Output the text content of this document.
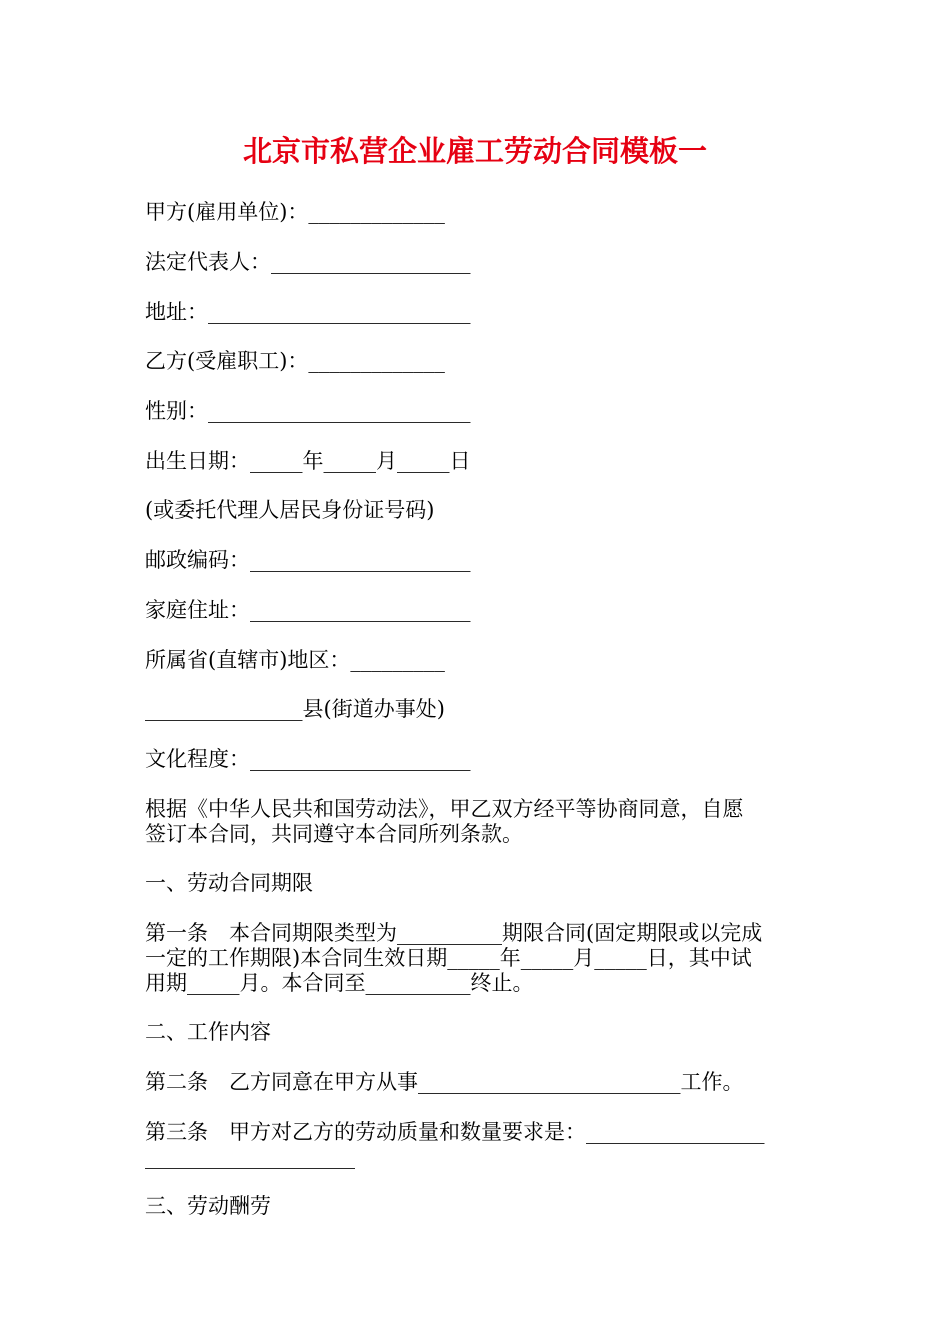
北京市私营企业雇工劳动合同模板一
甲方(雇用单位)：_____________
法定代表人：___________________
地址：_________________________
乙方(受雇职工)：_____________
性别：_________________________
出生日期：_____年_____月_____日
(或委托代理人居民身份证号码)
邮政编码：_____________________
家庭住址：_____________________
所属省(直辖市)地区：_________
_______________县(街道办事处)
文化程度：_____________________
根据《中华人民共和国劳动法》，甲乙双方经平等协商同意，自愿
签订本合同，共同遵守本合同所列条款。
一、劳动合同期限
第一条　本合同期限类型为__________期限合同(固定期限或以完成
一定的工作期限)本合同生效日期_____年_____月_____日，其中试
用期_____月。本合同至__________终止。
二、工作内容
第二条　乙方同意在甲方从事_________________________工作。
第三条　甲方对乙方的劳动质量和数量要求是：_________________
____________________
三、劳动酬劳
